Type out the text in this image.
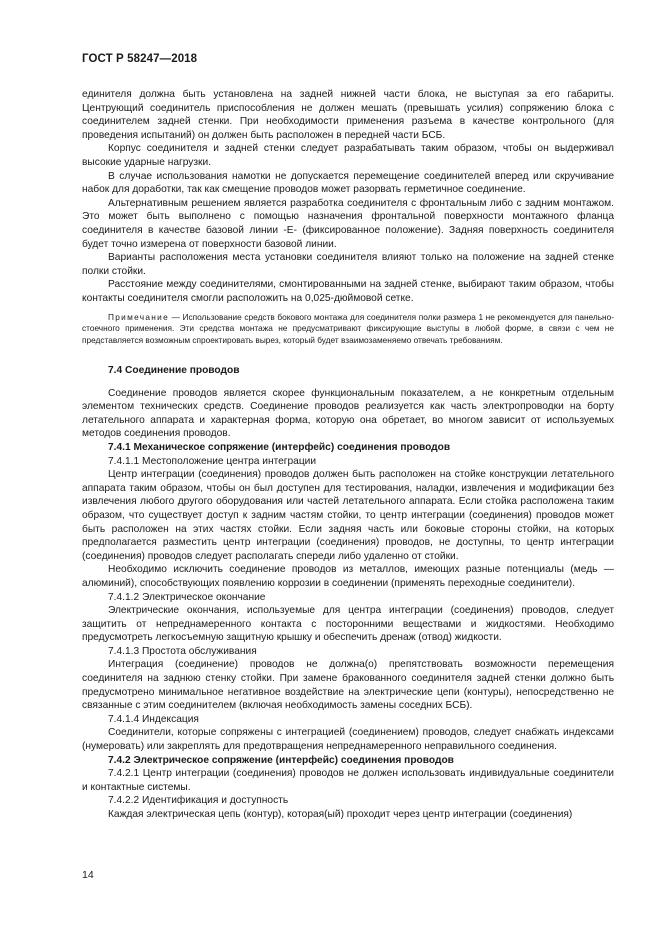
ГОСТ Р 58247—2018

единителя должна быть установлена на задней нижней части блока, не выступая за его габариты. Центрующий соединитель приспособления не должен мешать (превышать усилия) сопряжению блока с соединителем задней стенки. При необходимости применения разъема в качестве контрольного (для проведения испытаний) он должен быть расположен в передней части БСБ.

Корпус соединителя и задней стенки следует разрабатывать таким образом, чтобы он выдерживал высокие ударные нагрузки.

В случае использования намотки не допускается перемещение соединителей вперед или скручивание набок для доработки, так как смещение проводов может разорвать герметичное соединение.

Альтернативным решением является разработка соединителя с фронтальным либо с задним монтажом. Это может быть выполнено с помощью назначения фронтальной поверхности монтажного фланца соединителя в качестве базовой линии -Е- (фиксированное положение). Задняя поверхность соединителя будет точно измерена от поверхности базовой линии.

Варианты расположения места установки соединителя влияют только на положение на задней стенке полки стойки.

Расстояние между соединителями, смонтированными на задней стенке, выбирают таким образом, чтобы контакты соединителя смогли расположить на 0,025-дюймовой сетке.

Примечание — Использование средств бокового монтажа для соединителя полки размера 1 не рекомендуется для панельно-стоечного применения. Эти средства монтажа не предусматривают фиксирующие выступы в любой форме, в связи с чем не представляется возможным спроектировать вырез, который будет взаимозаменяемо отвечать требованиям.

7.4 Соединение проводов

Соединение проводов является скорее функциональным показателем, а не конкретным отдельным элементом технических средств. Соединение проводов реализуется как часть электропроводки на борту летательного аппарата и характерная форма, которую она обретает, во многом зависит от используемых методов соединения проводов.

7.4.1 Механическое сопряжение (интерфейс) соединения проводов

7.4.1.1 Местоположение центра интеграции

Центр интеграции (соединения) проводов должен быть расположен на стойке конструкции летательного аппарата таким образом, чтобы он был доступен для тестирования, наладки, извлечения и модификации без извлечения любого другого оборудования или частей летательного аппарата. Если стойка расположена таким образом, что существует доступ к задним частям стойки, то центр интеграции (соединения) проводов может быть расположен на этих частях стойки. Если задняя часть или боковые стороны стойки, на которых предполагается разместить центр интеграции (соединения) проводов, не доступны, то центр интеграции (соединения) проводов следует располагать спереди либо удаленно от стойки.

Необходимо исключить соединение проводов из металлов, имеющих разные потенциалы (медь — алюминий), способствующих появлению коррозии в соединении (применять переходные соединители).

7.4.1.2 Электрическое окончание

Электрические окончания, используемые для центра интеграции (соединения) проводов, следует защитить от непреднамеренного контакта с посторонними веществами и жидкостями. Необходимо предусмотреть легкосъемную защитную крышку и обеспечить дренаж (отвод) жидкости.

7.4.1.3 Простота обслуживания

Интеграция (соединение) проводов не должна(о) препятствовать возможности перемещения соединителя на заднюю стенку стойки. При замене бракованного соединителя задней стенки должно быть предусмотрено минимальное негативное воздействие на электрические цепи (контуры), непосредственно не связанные с этим соединителем (включая необходимость замены соседних БСБ).

7.4.1.4 Индексация

Соединители, которые сопряжены с интеграцией (соединением) проводов, следует снабжать индексами (нумеровать) или закреплять для предотвращения непреднамеренного неправильного соединения.

7.4.2 Электрическое сопряжение (интерфейс) соединения проводов

7.4.2.1 Центр интеграции (соединения) проводов не должен использовать индивидуальные соединители и контактные системы.

7.4.2.2 Идентификация и доступность

Каждая электрическая цепь (контур), которая(ый) проходит через центр интеграции (соединения)

14
